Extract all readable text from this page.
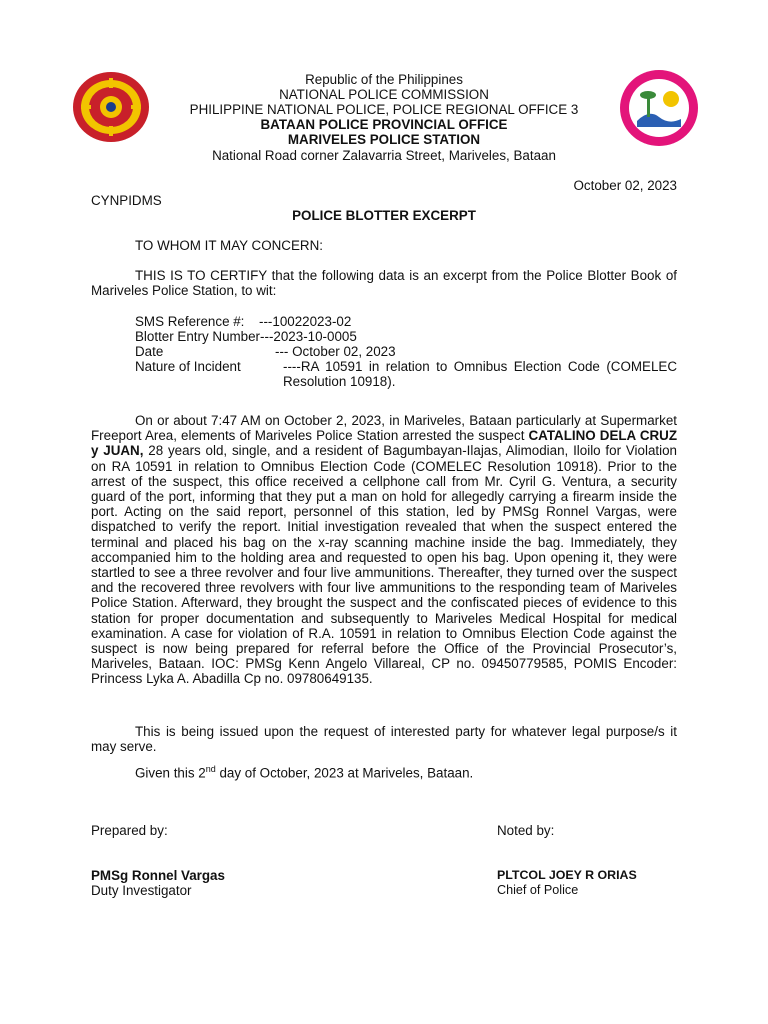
Republic of the Philippines
NATIONAL POLICE COMMISSION
PHILIPPINE NATIONAL POLICE, POLICE REGIONAL OFFICE 3
BATAAN POLICE PROVINCIAL OFFICE
MARIVELES POLICE STATION
National Road corner Zalavarria Street, Mariveles, Bataan
October 02, 2023
CYNPIDMS
POLICE BLOTTER EXCERPT
TO WHOM IT MAY CONCERN:
THIS IS TO CERTIFY that the following data is an excerpt from the Police Blotter Book of Mariveles Police Station, to wit:
SMS Reference #: ---10022023-02
Blotter Entry Number---2023-10-0005
Date	--- October 02, 2023
Nature of Incident	----RA 10591 in relation to Omnibus Election Code (COMELEC Resolution 10918).
On or about 7:47 AM on October 2, 2023, in Mariveles, Bataan particularly at Supermarket Freeport Area, elements of Mariveles Police Station arrested the suspect CATALINO DELA CRUZ y JUAN, 28 years old, single, and a resident of Bagumbayan-Ilajas, Alimodian, Iloilo for Violation on RA 10591 in relation to Omnibus Election Code (COMELEC Resolution 10918). Prior to the arrest of the suspect, this office received a cellphone call from Mr. Cyril G. Ventura, a security guard of the port, informing that they put a man on hold for allegedly carrying a firearm inside the port. Acting on the said report, personnel of this station, led by PMSg Ronnel Vargas, were dispatched to verify the report. Initial investigation revealed that when the suspect entered the terminal and placed his bag on the x-ray scanning machine inside the bag. Immediately, they accompanied him to the holding area and requested to open his bag. Upon opening it, they were startled to see a three revolver and four live ammunitions. Thereafter, they turned over the suspect and the recovered three revolvers with four live ammunitions to the responding team of Mariveles Police Station. Afterward, they brought the suspect and the confiscated pieces of evidence to this station for proper documentation and subsequently to Mariveles Medical Hospital for medical examination. A case for violation of R.A. 10591 in relation to Omnibus Election Code against the suspect is now being prepared for referral before the Office of the Provincial Prosecutor’s, Mariveles, Bataan. IOC: PMSg Kenn Angelo Villareal, CP no. 09450779585, POMIS Encoder: Princess Lyka A. Abadilla Cp no. 09780649135.
This is being issued upon the request of interested party for whatever legal purpose/s it may serve.
Given this 2nd day of October, 2023 at Mariveles, Bataan.
Prepared by:	Noted by:
PMSg Ronnel Vargas
Duty Investigator
PLTCOL JOEY R ORIAS
Chief of Police
